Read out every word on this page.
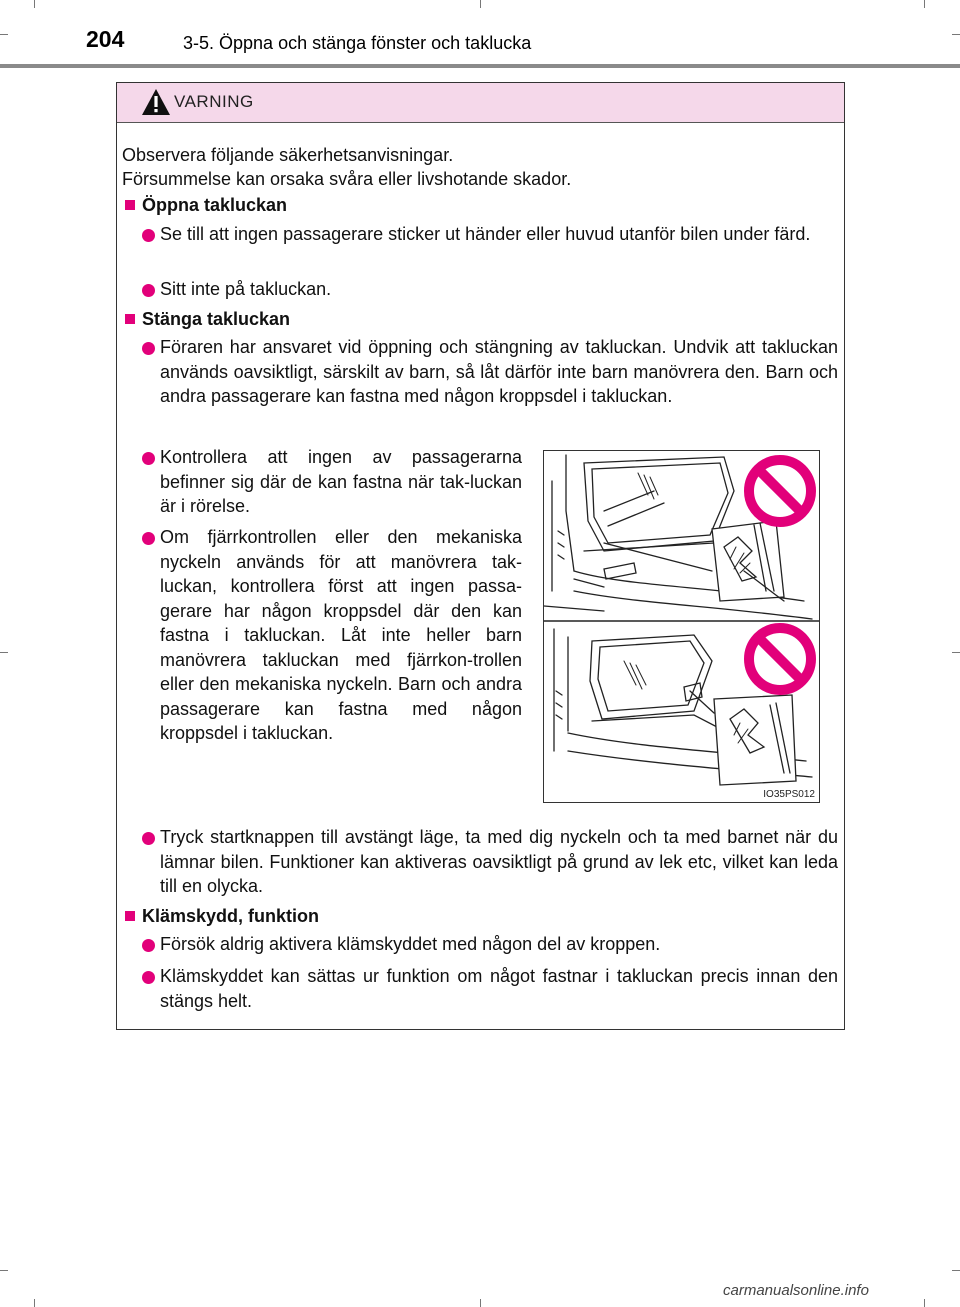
204	3-5. Öppna och stänga fönster och taklucka
VARNING
Observera följande säkerhetsanvisningar.
Försummelse kan orsaka svåra eller livshotande skador.
Öppna takluckan
Se till att ingen passagerare sticker ut händer eller huvud utanför bilen under färd.
Sitt inte på takluckan.
Stänga takluckan
Föraren har ansvaret vid öppning och stängning av takluckan. Undvik att takluckan används oavsiktligt, särskilt av barn, så låt därför inte barn manövrera den. Barn och andra passagerare kan fastna med någon kroppsdel i takluckan.
Kontrollera att ingen av passagerarna befinner sig där de kan fastna när tak-luckan är i rörelse.
Om fjärrkontrollen eller den mekaniska nyckeln används för att manövrera tak-luckan, kontrollera först att ingen passa-gerare har någon kroppsdel där den kan fastna i takluckan. Låt inte heller barn manövrera takluckan med fjärrkon-trollen eller den mekaniska nyckeln. Barn och andra passagerare kan fastna med någon kroppsdel i takluckan.
Tryck startknappen till avstängt läge, ta med dig nyckeln och ta med barnet när du lämnar bilen. Funktioner kan aktiveras oavsiktligt på grund av lek etc, vilket kan leda till en olycka.
Klämskydd, funktion
Försök aldrig aktivera klämskyddet med någon del av kroppen.
Klämskyddet kan sättas ur funktion om något fastnar i takluckan precis innan den stängs helt.
IO35PS012
carmanualsonline.info
